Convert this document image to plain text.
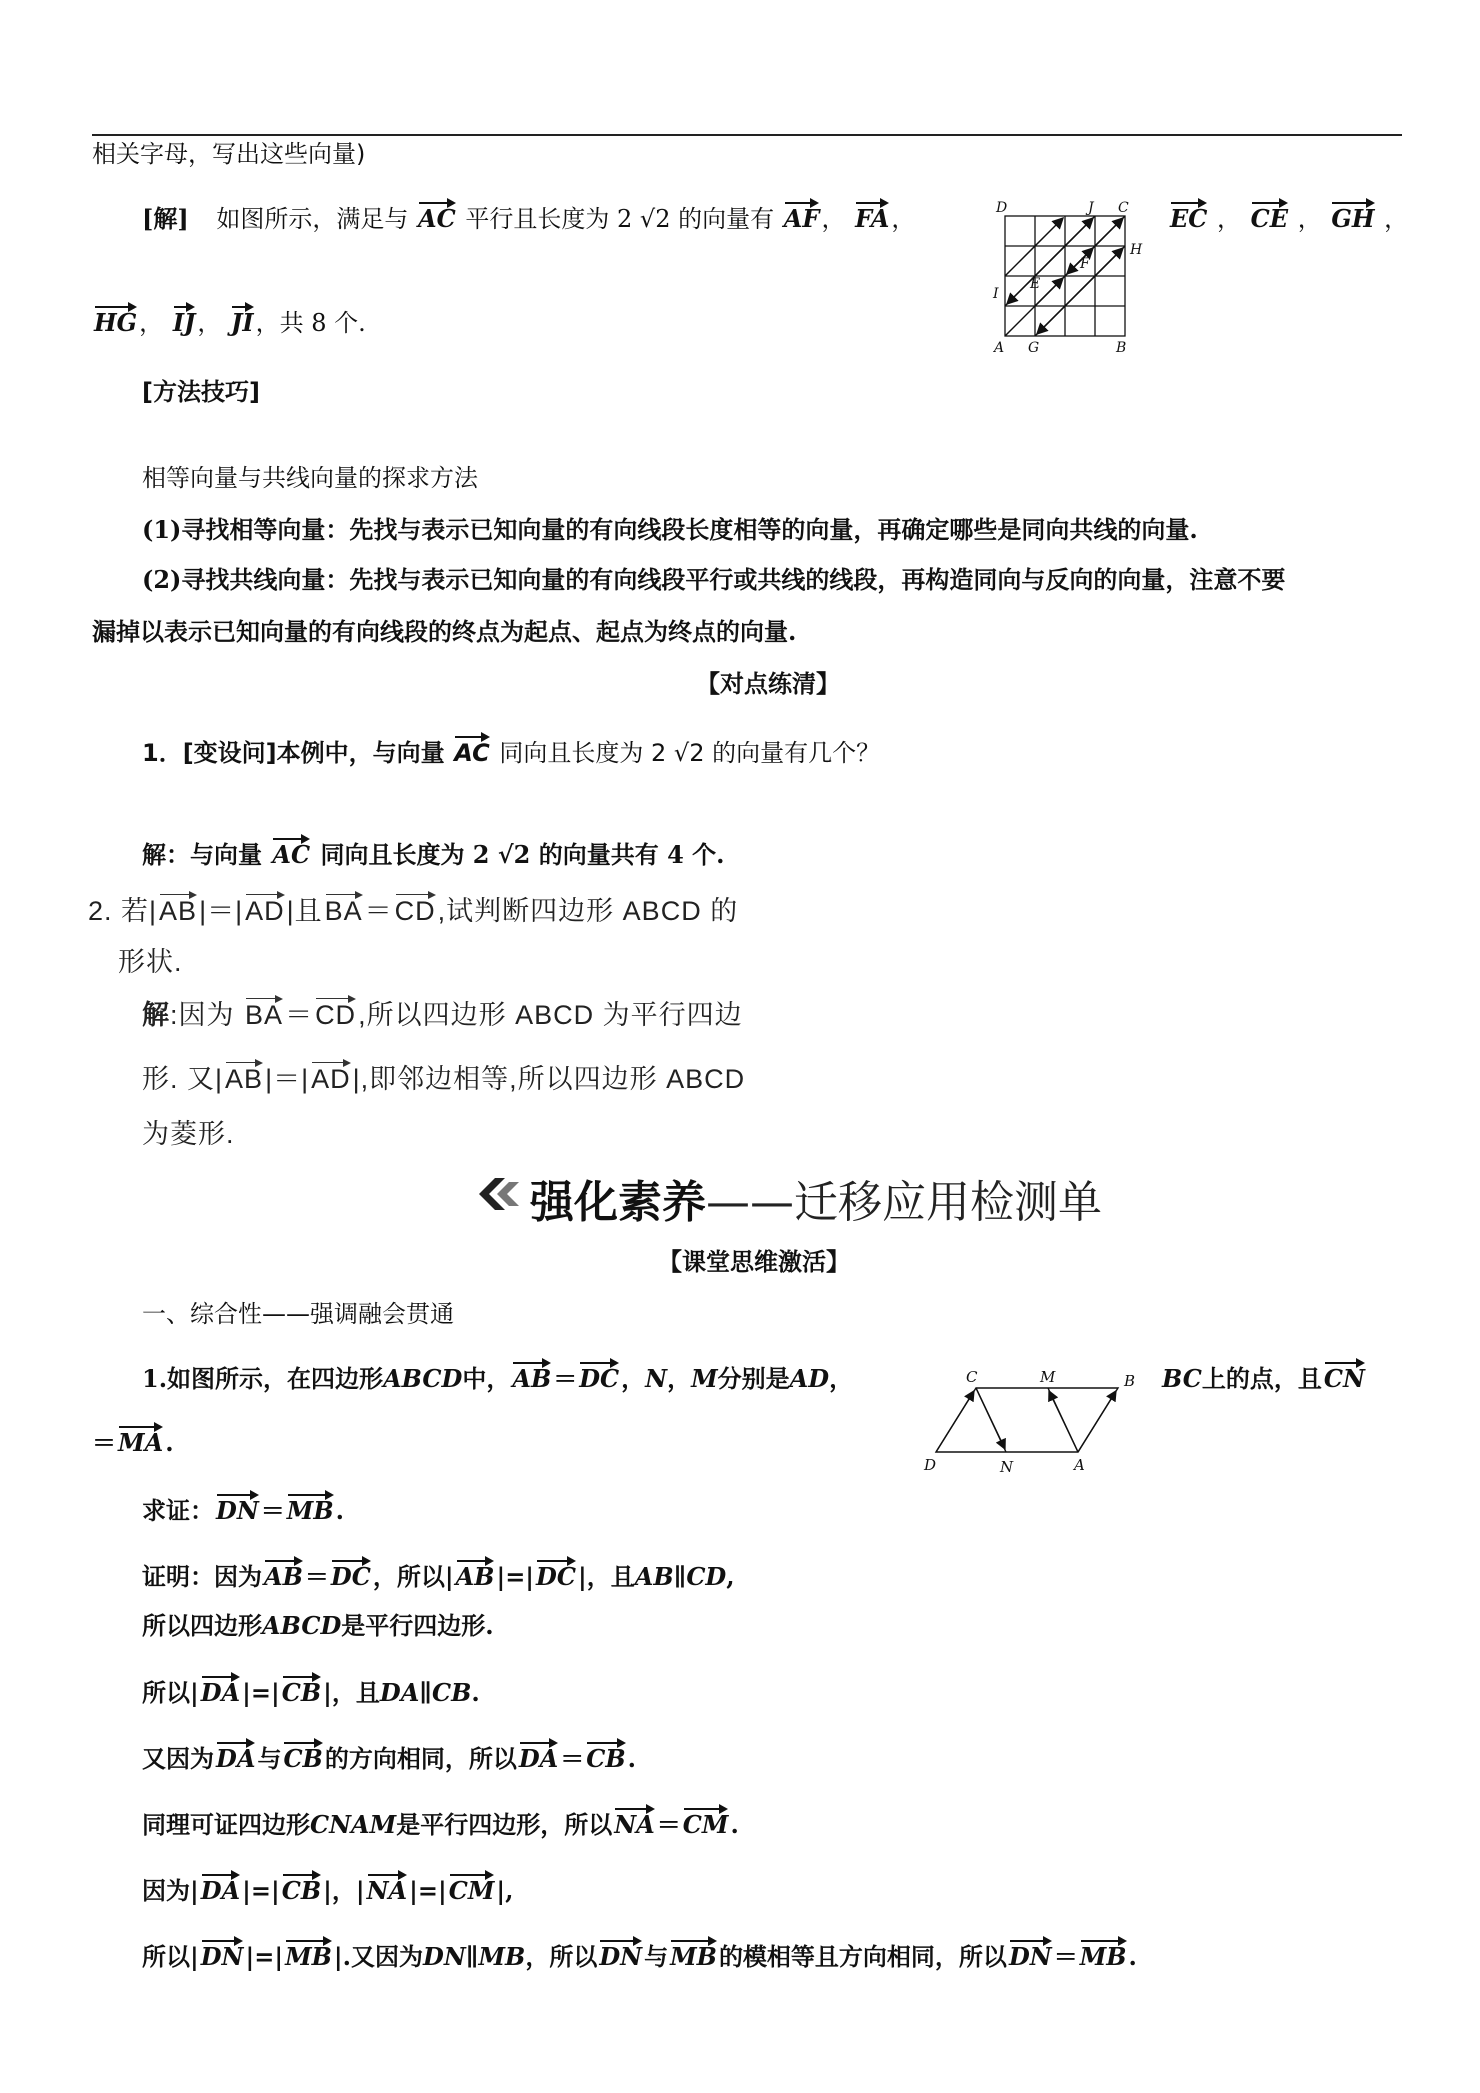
相关字母，写出这些向量)
[解] 如图所示，满足与 AC 平行且长度为 2 √2 的向量有 AF， FA，	EC ， CE ， GH ，
HG， IJ， JI，共 8 个.
D	J C
H
F
E
I
A G	B
[方法技巧]
相等向量与共线向量的探求方法
(1)寻找相等向量：先找与表示已知向量的有向线段长度相等的向量，再确定哪些是同向共线的向量.
(2)寻找共线向量：先找与表示已知向量的有向线段平行或共线的线段，再构造同向与反向的向量，注意不要
漏掉以表示已知向量的有向线段的终点为起点、起点为终点的向量.
【对点练清】
1．[变设问]本例中，与向量 AC 同向且长度为 2 √2 的向量有几个？
解：与向量 AC 同向且长度为 2 √2 的向量共有 4 个.
2. 若|AB|＝|AD|且BA＝CD,试判断四边形 ABCD 的
形状.
解:因为 BA＝CD,所以四边形 ABCD 为平行四边
形. 又|AB|＝|AD|,即邻边相等,所以四边形 ABCD
为菱形.
强化素养——迁移应用检测单
【课堂思维激活】
一、综合性——强调融会贯通
1.如图所示，在四边形ABCD中，AB＝DC，N，M分别是AD，	BC上的点，且CN
＝MA.
求证：DN＝MB.
C	M	B
D	N	A
证明：因为AB＝DC，所以|AB|=|DC|，且AB∥CD,
所以四边形ABCD是平行四边形.
所以|DA|=|CB|，且DA∥CB.
又因为DA与CB的方向相同，所以DA＝CB.
同理可证四边形CNAM是平行四边形，所以NA＝CM.
因为|DA|=|CB|，|NA|=|CM|,
所以|DN|=|MB|.又因为DN∥MB，所以DN与MB的模相等且方向相同，所以DN＝MB.
